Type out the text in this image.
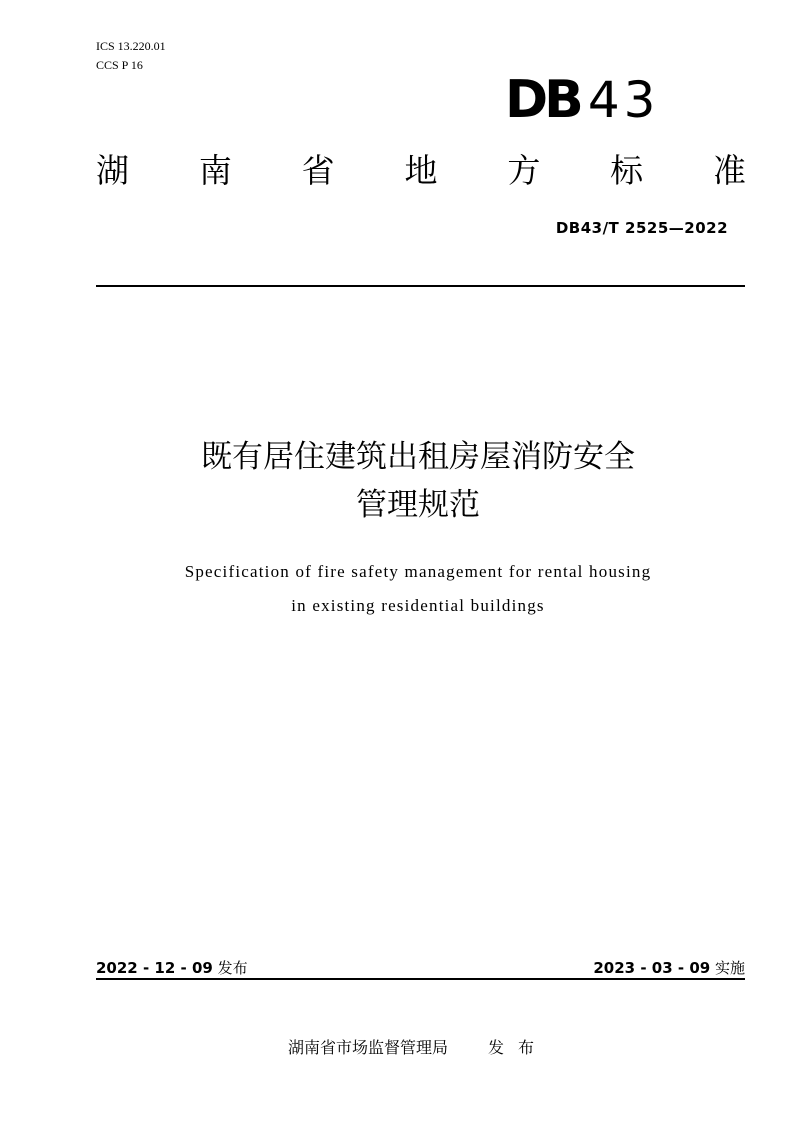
ICS 13.220.01
CCS P 16
DB 43
湖 南 省 地 方 标 准
DB43/T 2525—2022
既有居住建筑出租房屋消防安全
管理规范
Specification of fire safety management for rental housing
in existing residential buildings
2022 - 12 - 09 发布	2023 - 03 - 09 实施
湖南省市场监督管理局	发布
